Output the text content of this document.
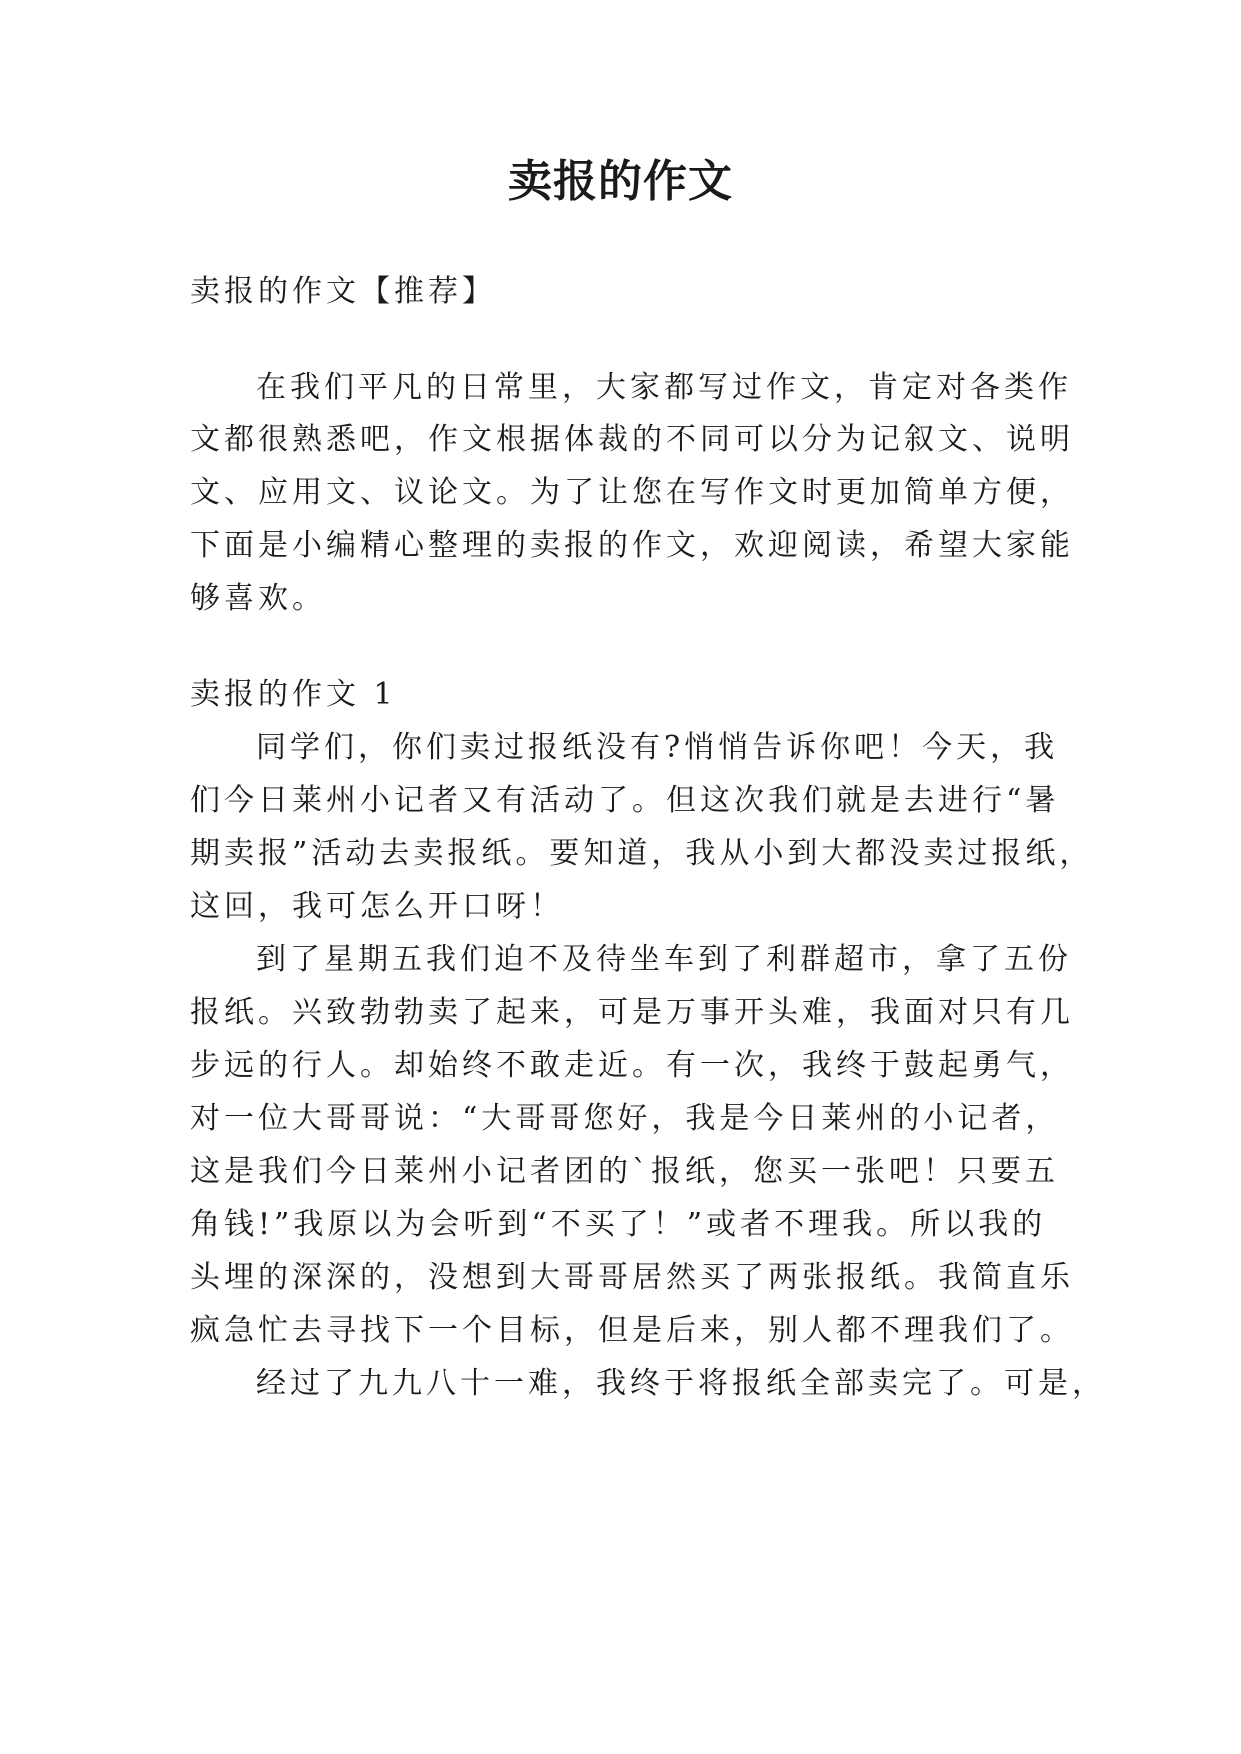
卖报的作文

卖报的作文【推荐】

在我们平凡的日常里，大家都写过作文，肯定对各类作

文都很熟悉吧，作文根据体裁的不同可以分为记叙文、说明

文、应用文、议论文。为了让您在写作文时更加简单方便，

下面是小编精心整理的卖报的作文，欢迎阅读，希望大家能

够喜欢。

卖报的作文 1

同学们，你们卖过报纸没有?悄悄告诉你吧！今天，我

们今日莱州小记者又有活动了。但这次我们就是去进行“暑

期卖报”活动去卖报纸。要知道，我从小到大都没卖过报纸，

这回，我可怎么开口呀！

到了星期五我们迫不及待坐车到了利群超市，拿了五份

报纸。兴致勃勃卖了起来，可是万事开头难，我面对只有几

步远的行人。却始终不敢走近。有一次，我终于鼓起勇气，

对一位大哥哥说：“大哥哥您好，我是今日莱州的小记者，

这是我们今日莱州小记者团的`报纸，您买一张吧！只要五

角钱!”我原以为会听到“不买了！”或者不理我。所以我的

头埋的深深的，没想到大哥哥居然买了两张报纸。我简直乐

疯急忙去寻找下一个目标，但是后来，别人都不理我们了。

经过了九九八十一难，我终于将报纸全部卖完了。可是，
